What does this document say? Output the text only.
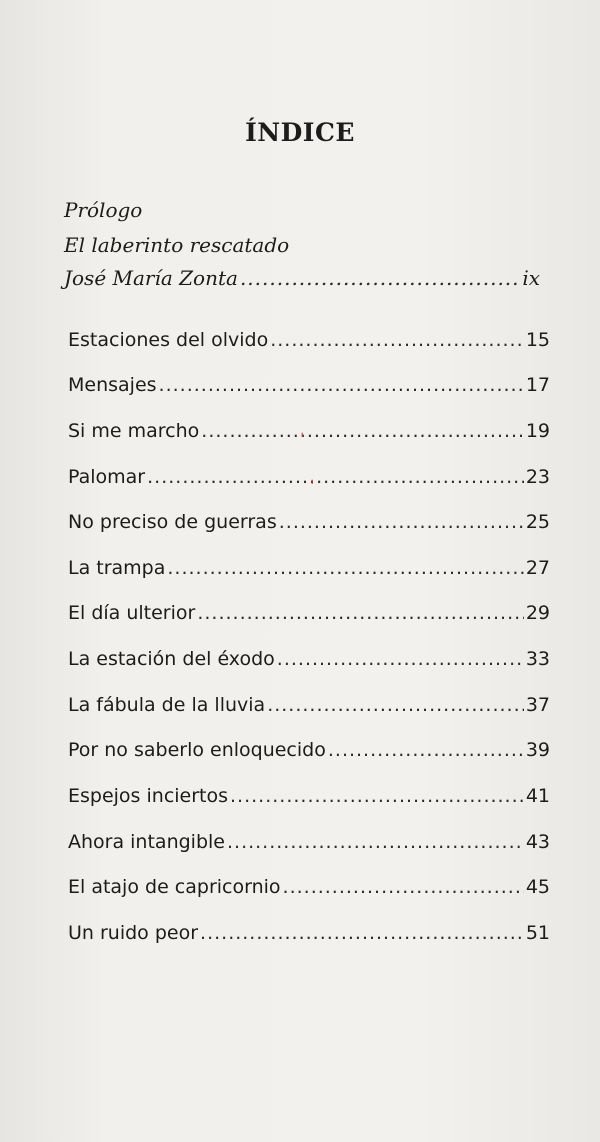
ÍNDICE
Prólogo
El laberinto rescatado
José María Zonta .....	ix
Estaciones del olvido .....	15
Mensajes .....	17
Si me marcho .....	19
Palomar .....	23
No preciso de guerras .....	25
La trampa .....	27
El día ulterior .....	29
La estación del éxodo .....	33
La fábula de la lluvia .....	37
Por no saberlo enloquecido .....	39
Espejos inciertos .....	41
Ahora intangible .....	43
El atajo de capricornio .....	45
Un ruido peor .....	51
ˈ
ˈ
